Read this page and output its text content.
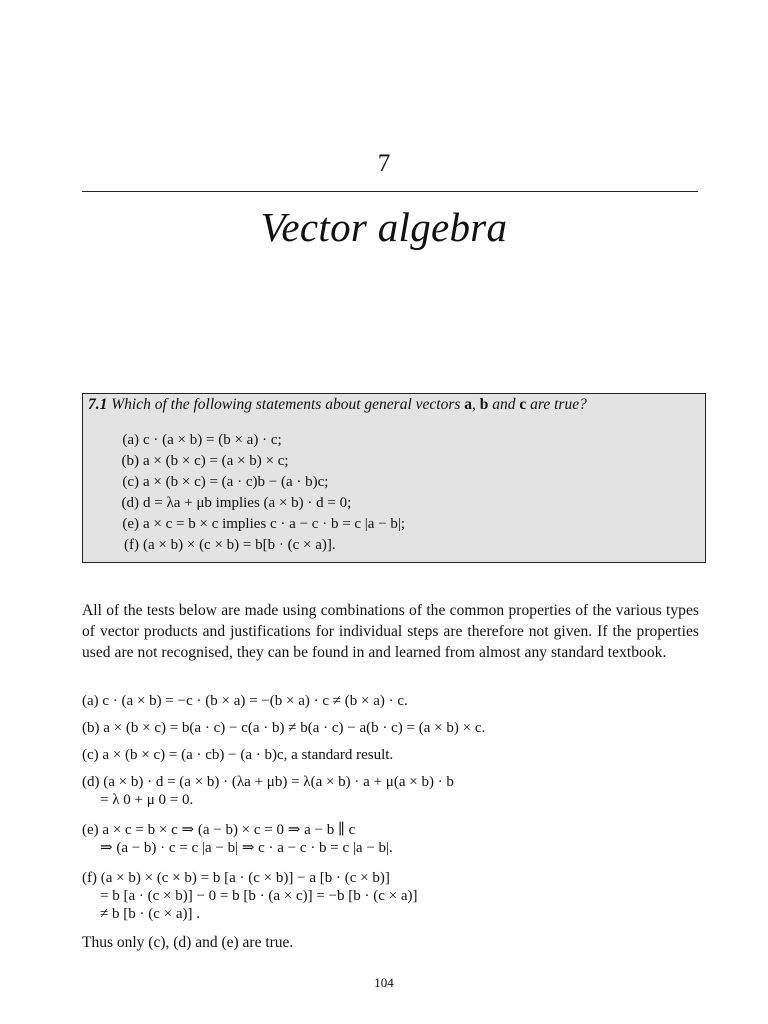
7
Vector algebra
7.1 Which of the following statements about general vectors a, b and c are true?
(a) c · (a × b) = (b × a) · c;
(b) a × (b × c) = (a × b) × c;
(c) a × (b × c) = (a · c)b − (a · b)c;
(d) d = λa + μb implies (a × b) · d = 0;
(e) a × c = b × c implies c · a − c · b = c |a − b|;
(f) (a × b) × (c × b) = b[b · (c × a)].
All of the tests below are made using combinations of the common properties of the various types of vector products and justifications for individual steps are therefore not given. If the properties used are not recognised, they can be found in and learned from almost any standard textbook.
(a) c · (a × b) = −c · (b × a) = −(b × a) · c ≠ (b × a) · c.
(b) a × (b × c) = b(a · c) − c(a · b) ≠ b(a · c) − a(b · c) = (a × b) × c.
(c) a × (b × c) = (a · cb) − (a · b)c, a standard result.
(d) (a × b) · d = (a × b) · (λa + μb) = λ(a × b) · a + μ(a × b) · b
= λ 0 + μ 0 = 0.
(e) a × c = b × c ⇒ (a − b) × c = 0 ⇒ a − b ∥ c
⇒ (a − b) · c = c |a − b| ⇒ c · a − c · b = c |a − b|.
(f) (a × b) × (c × b) = b [a · (c × b)] − a [b · (c × b)]
= b [a · (c × b)] − 0 = b [b · (a × c)] = −b [b · (c × a)]
≠ b [b · (c × a)] .
Thus only (c), (d) and (e) are true.
104
